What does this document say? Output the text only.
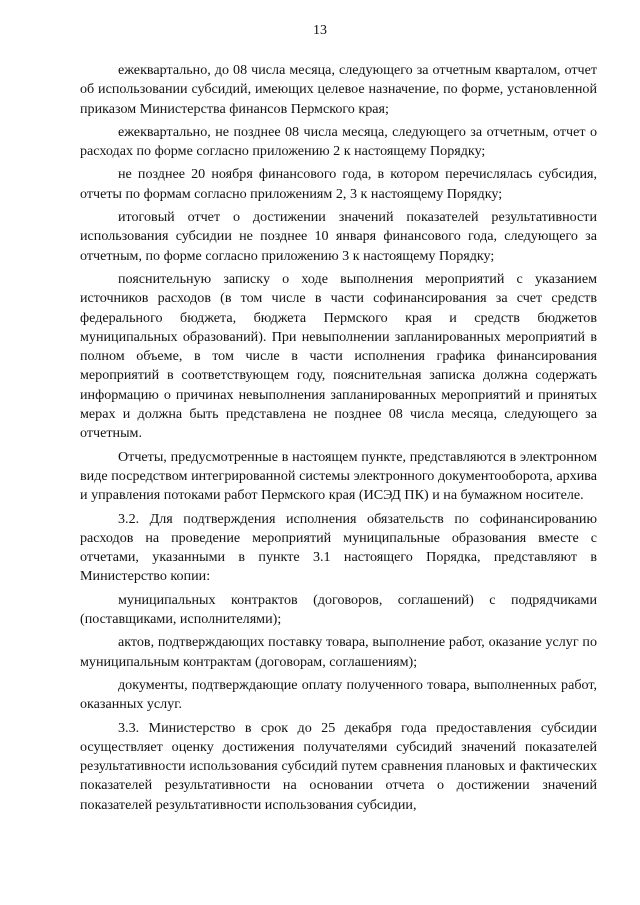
13

ежеквартально, до 08 числа месяца, следующего за отчетным кварталом, отчет об использовании субсидий, имеющих целевое назначение, по форме, установленной приказом Министерства финансов Пермского края;

ежеквартально, не позднее 08 числа месяца, следующего за отчетным, отчет о расходах по форме согласно приложению 2 к настоящему Порядку;

не позднее 20 ноября финансового года, в котором перечислялась субсидия, отчеты по формам согласно приложениям 2, 3 к настоящему Порядку;

итоговый отчет о достижении значений показателей результативности использования субсидии не позднее 10 января финансового года, следующего за отчетным, по форме согласно приложению 3 к настоящему Порядку;

пояснительную записку о ходе выполнения мероприятий с указанием источников расходов (в том числе в части софинансирования за счет средств федерального бюджета, бюджета Пермского края и средств бюджетов муниципальных образований). При невыполнении запланированных мероприятий в полном объеме, в том числе в части исполнения графика финансирования мероприятий в соответствующем году, пояснительная записка должна содержать информацию о причинах невыполнения запланированных мероприятий и принятых мерах и должна быть представлена не позднее 08 числа месяца, следующего за отчетным.

Отчеты, предусмотренные в настоящем пункте, представляются в электронном виде посредством интегрированной системы электронного документооборота, архива и управления потоками работ Пермского края (ИСЭД ПК) и на бумажном носителе.

3.2. Для подтверждения исполнения обязательств по софинансированию расходов на проведение мероприятий муниципальные образования вместе с отчетами, указанными в пункте 3.1 настоящего Порядка, представляют в Министерство копии:

муниципальных контрактов (договоров, соглашений) с подрядчиками (поставщиками, исполнителями);

актов, подтверждающих поставку товара, выполнение работ, оказание услуг по муниципальным контрактам (договорам, соглашениям);

документы, подтверждающие оплату полученного товара, выполненных работ, оказанных услуг.

3.3. Министерство в срок до 25 декабря года предоставления субсидии осуществляет оценку достижения получателями субсидий значений показателей результативности использования субсидий путем сравнения плановых и фактических показателей результативности на основании отчета о достижении значений показателей результативности использования субсидии,
